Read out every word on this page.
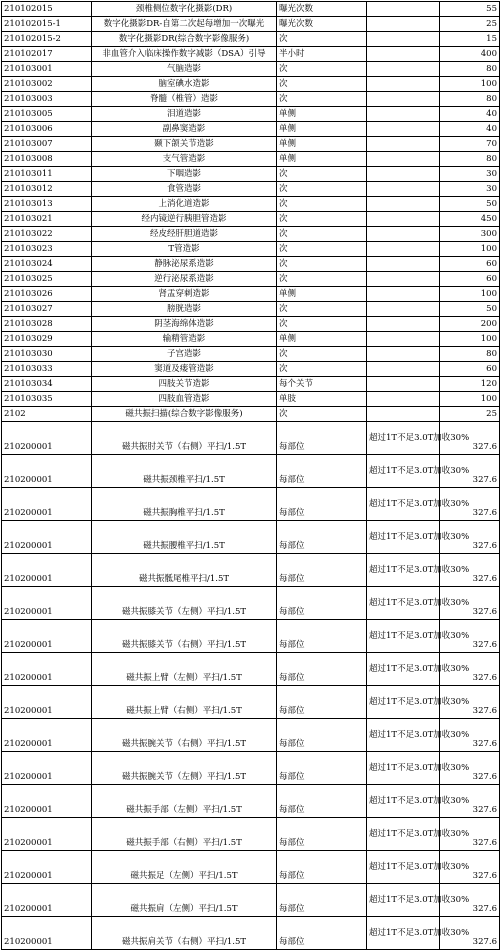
210102015	颈椎侧位数字化摄影(DR)	曝光次数		55
210102015-1	数字化摄影DR-自第二次起每增加一次曝光	曝光次数		25
210102015-2	数字化摄影DR(综合数字影像服务)	次		15
210102017	非血管介入临床操作数字减影（DSA）引导	半小时		400
210103001	气脑造影	次		80
210103002	脑室碘水造影	次		100
210103003	脊髓（椎管）造影	次		80
210103005	泪道造影	单侧		40
210103006	副鼻窦造影	单侧		40
210103007	颞下颌关节造影	单侧		70
210103008	支气管造影	单侧		80
210103011	下咽造影	次		30
210103012	食管造影	次		30
210103013	上消化道造影	次		50
210103021	经内镜逆行胰胆管造影	次		450
210103022	经皮经肝胆道造影	次		300
210103023	T管造影	次		100
210103024	静脉泌尿系造影	次		60
210103025	逆行泌尿系造影	次		60
210103026	肾盂穿刺造影	单侧		100
210103027	膀胱造影	次		50
210103028	阴茎海绵体造影	次		200
210103029	输精管造影	单侧		100
210103030	子宫造影	次		80
210103033	窦道及瘘管造影	次		60
210103034	四肢关节造影	每个关节		120
210103035	四肢血管造影	单肢		100
2102	磁共振扫描(综合数字影像服务)	次		25
210200001	磁共振肘关节（右侧）平扫/1.5T	每部位	超过1T不足3.0T加收30%	327.6
210200001	磁共振颈椎平扫/1.5T	每部位	超过1T不足3.0T加收30%	327.6
210200001	磁共振胸椎平扫/1.5T	每部位	超过1T不足3.0T加收30%	327.6
210200001	磁共振腰椎平扫/1.5T	每部位	超过1T不足3.0T加收30%	327.6
210200001	磁共振骶尾椎平扫/1.5T	每部位	超过1T不足3.0T加收30%	327.6
210200001	磁共振膝关节（左侧）平扫/1.5T	每部位	超过1T不足3.0T加收30%	327.6
210200001	磁共振膝关节（右侧）平扫/1.5T	每部位	超过1T不足3.0T加收30%	327.6
210200001	磁共振上臂（左侧）平扫/1.5T	每部位	超过1T不足3.0T加收30%	327.6
210200001	磁共振上臂（右侧）平扫/1.5T	每部位	超过1T不足3.0T加收30%	327.6
210200001	磁共振腕关节（右侧）平扫/1.5T	每部位	超过1T不足3.0T加收30%	327.6
210200001	磁共振腕关节（左侧）平扫/1.5T	每部位	超过1T不足3.0T加收30%	327.6
210200001	磁共振手部（左侧）平扫/1.5T	每部位	超过1T不足3.0T加收30%	327.6
210200001	磁共振手部（右侧）平扫/1.5T	每部位	超过1T不足3.0T加收30%	327.6
210200001	磁共振足（左侧）平扫/1.5T	每部位	超过1T不足3.0T加收30%	327.6
210200001	磁共振肩（左侧）平扫/1.5T	每部位	超过1T不足3.0T加收30%	327.6
210200001	磁共振肩关节（右侧）平扫/1.5T	每部位	超过1T不足3.0T加收30%	327.6
